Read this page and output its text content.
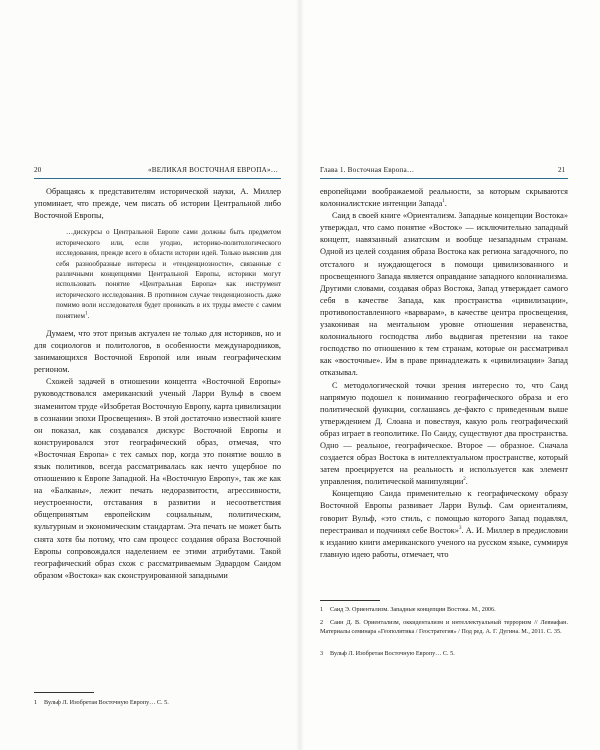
20	«ВЕЛИКАЯ ВОСТОЧНАЯ ЕВРОПА»…

Обращаясь к представителям исторической науки, А. Миллер упоминает, что прежде, чем писать об истории Центральной либо Восточной Европы,

…дискурсы о Центральной Европе сами должны быть предметом исторического или, если угодно, историко-политологического исследования, прежде всего в области истории идей. Только выяснив для себя разнообразные интересы и «тенденциозности», связанные с различными концепциями Центральной Европы, историки могут использовать понятие «Центральная Европа» как инструмент исторического исследования. В противном случае тенденциозность даже помимо воли исследователя будет проникать в их труды вместе с самим понятием$^1$.

Думаем, что этот призыв актуален не только для историков, но и для социологов и политологов, в особенности международников, занимающихся Восточной Европой или иным географическим регионом.

Схожей задачей в отношении концепта «Восточной Европы» руководствовался американский ученый Ларри Вульф в своем знаменитом труде «Изобретая Восточную Европу, карта цивилизации в сознании эпохи Просвещения». В этой достаточно известной книге он показал, как создавался дискурс Восточной Европы и конструировался этот географический образ, отмечая, что «Восточная Европа» с тех самых пор, когда это понятие вошло в язык политиков, всегда рассматривалась как нечто ущербное по отношению к Европе Западной. На «Восточную Европу», так же как на «Балканы», лежит печать недоразвитости, агрессивности, неустроенности, отставания в развитии и несоответствия общепринятым европейским социальным, политическим, культурным и экономическим стандартам. Эта печать не может быть снята хотя бы потому, что сам процесс создания образа Восточной Европы сопровождался наделением ее этими атрибутами. Такой географический образ схож с рассматриваемым Эдвардом Саидом образом «Востока» как сконструированной западными

1 Вульф Л. Изобретая Восточную Европу… С. 5.
Глава 1. Восточная Европа…	21

европейцами воображаемой реальности, за которым скрываются колониалистские интенции Запада$^1$.

Саид в своей книге «Ориентализм. Западные концепции Востока» утверждал, что само понятие «Восток» — исключительно западный концепт, навязанный азиатским и вообще незападным странам. Одной из целей создания образа Востока как региона загадочного, по отсталого и нуждающегося в помощи цивилизованного и просвещенного Запада является оправдание западного колониализма. Другими словами, создавая образ Востока, Запад утверждает самого себя в качестве Запада, как пространства «цивилизации», противопоставленного «варварам», в качестве центра просвещения, узаконивая на ментальном уровне отношения неравенства, колониального господства либо выдвигая претензии на такое господство по отношению к тем странам, которые он рассматривал как «восточные». Им в праве принадлежать к «цивилизации» Запад отказывал.

С методологической точки зрения интересно то, что Саид напрямую подошел к пониманию географического образа и его политической функции, соглашаясь де-факто с приведенным выше утверждением Д. Слоана и повествуя, какую роль географический образ играет в геополитике. По Саиду, существуют два пространства. Одно — реальное, географическое. Второе — образное. Сначала создается образ Востока в интеллектуальном пространстве, который затем проецируется на реальность и используется как элемент управления, политической манипуляции$^2$.

Концепцию Саида применительно к географическому образу Восточной Европы развивает Ларри Вульф. Сам ориенталиям, говорит Вульф, «это стиль, с помощью которого Запад подавлял, перестраивал и подчинял себе Восток»$^3$. А. И. Миллер в предисловии к изданию книги американского ученого на русском языке, суммируя главную идею работы, отмечает, что

1 Саид Э. Ориентализм. Западные концепции Востока. М., 2006.
2 Саин Д. В. Ориентализм, оккидентализм и интеллектуальный терроризм // Левиафан. Материалы семинара «Геополитика / Геостратегия» / Под ред. А. Г. Дугина. М., 2011. С. 35.
3 Вульф Л. Изобретая Восточную Европу… С. 5.
